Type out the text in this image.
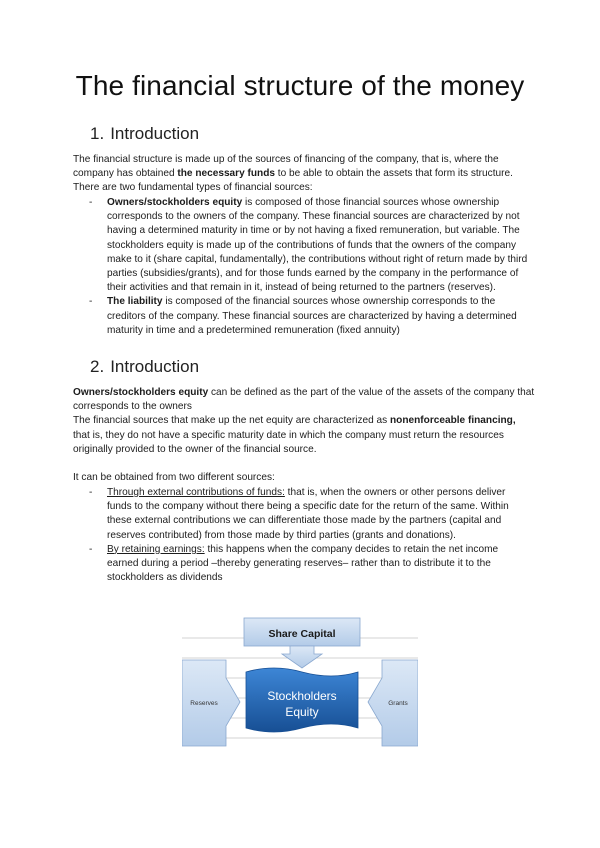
The financial structure of the money
1. Introduction

The financial structure is made up of the sources of financing of the company, that is, where the company has obtained the necessary funds to be able to obtain the assets that form its structure. There are two fundamental types of financial sources:

- Owners/stockholders equity is composed of those financial sources whose ownership corresponds to the owners of the company. These financial sources are characterized by not having a determined maturity in time or by not having a fixed remuneration, but variable. The stockholders equity is made up of the contributions of funds that the owners of the company make to it (share capital, fundamentally), the contributions without right of return made by third parties (subsidies/grants), and for those funds earned by the company in the performance of their activities and that remain in it, instead of being returned to the partners (reserves).
- The liability is composed of the financial sources whose ownership corresponds to the creditors of the company. These financial sources are characterized by having a determined maturity in time and a predetermined remuneration (fixed annuity)
2. Introduction

Owners/stockholders equity can be defined as the part of the value of the assets of the company that corresponds to the owners

The financial sources that make up the net equity are characterized as nonenforceable financing, that is, they do not have a specific maturity date in which the company must return the resources originally provided to the owner of the financial source.

It can be obtained from two different sources:

- Through external contributions of funds: that is, when the owners or other persons deliver funds to the company without there being a specific date for the return of the same. Within these external contributions we can differentiate those made by the partners (capital and reserves contributed) from those made by third parties (grants and donations).
- By retaining earnings: this happens when the company decides to retain the net income earned during a period –thereby generating reserves– rather than to distribute it to the stockholders as dividends
Share Capital
Reserves	Grants
Stockholders
Equity
